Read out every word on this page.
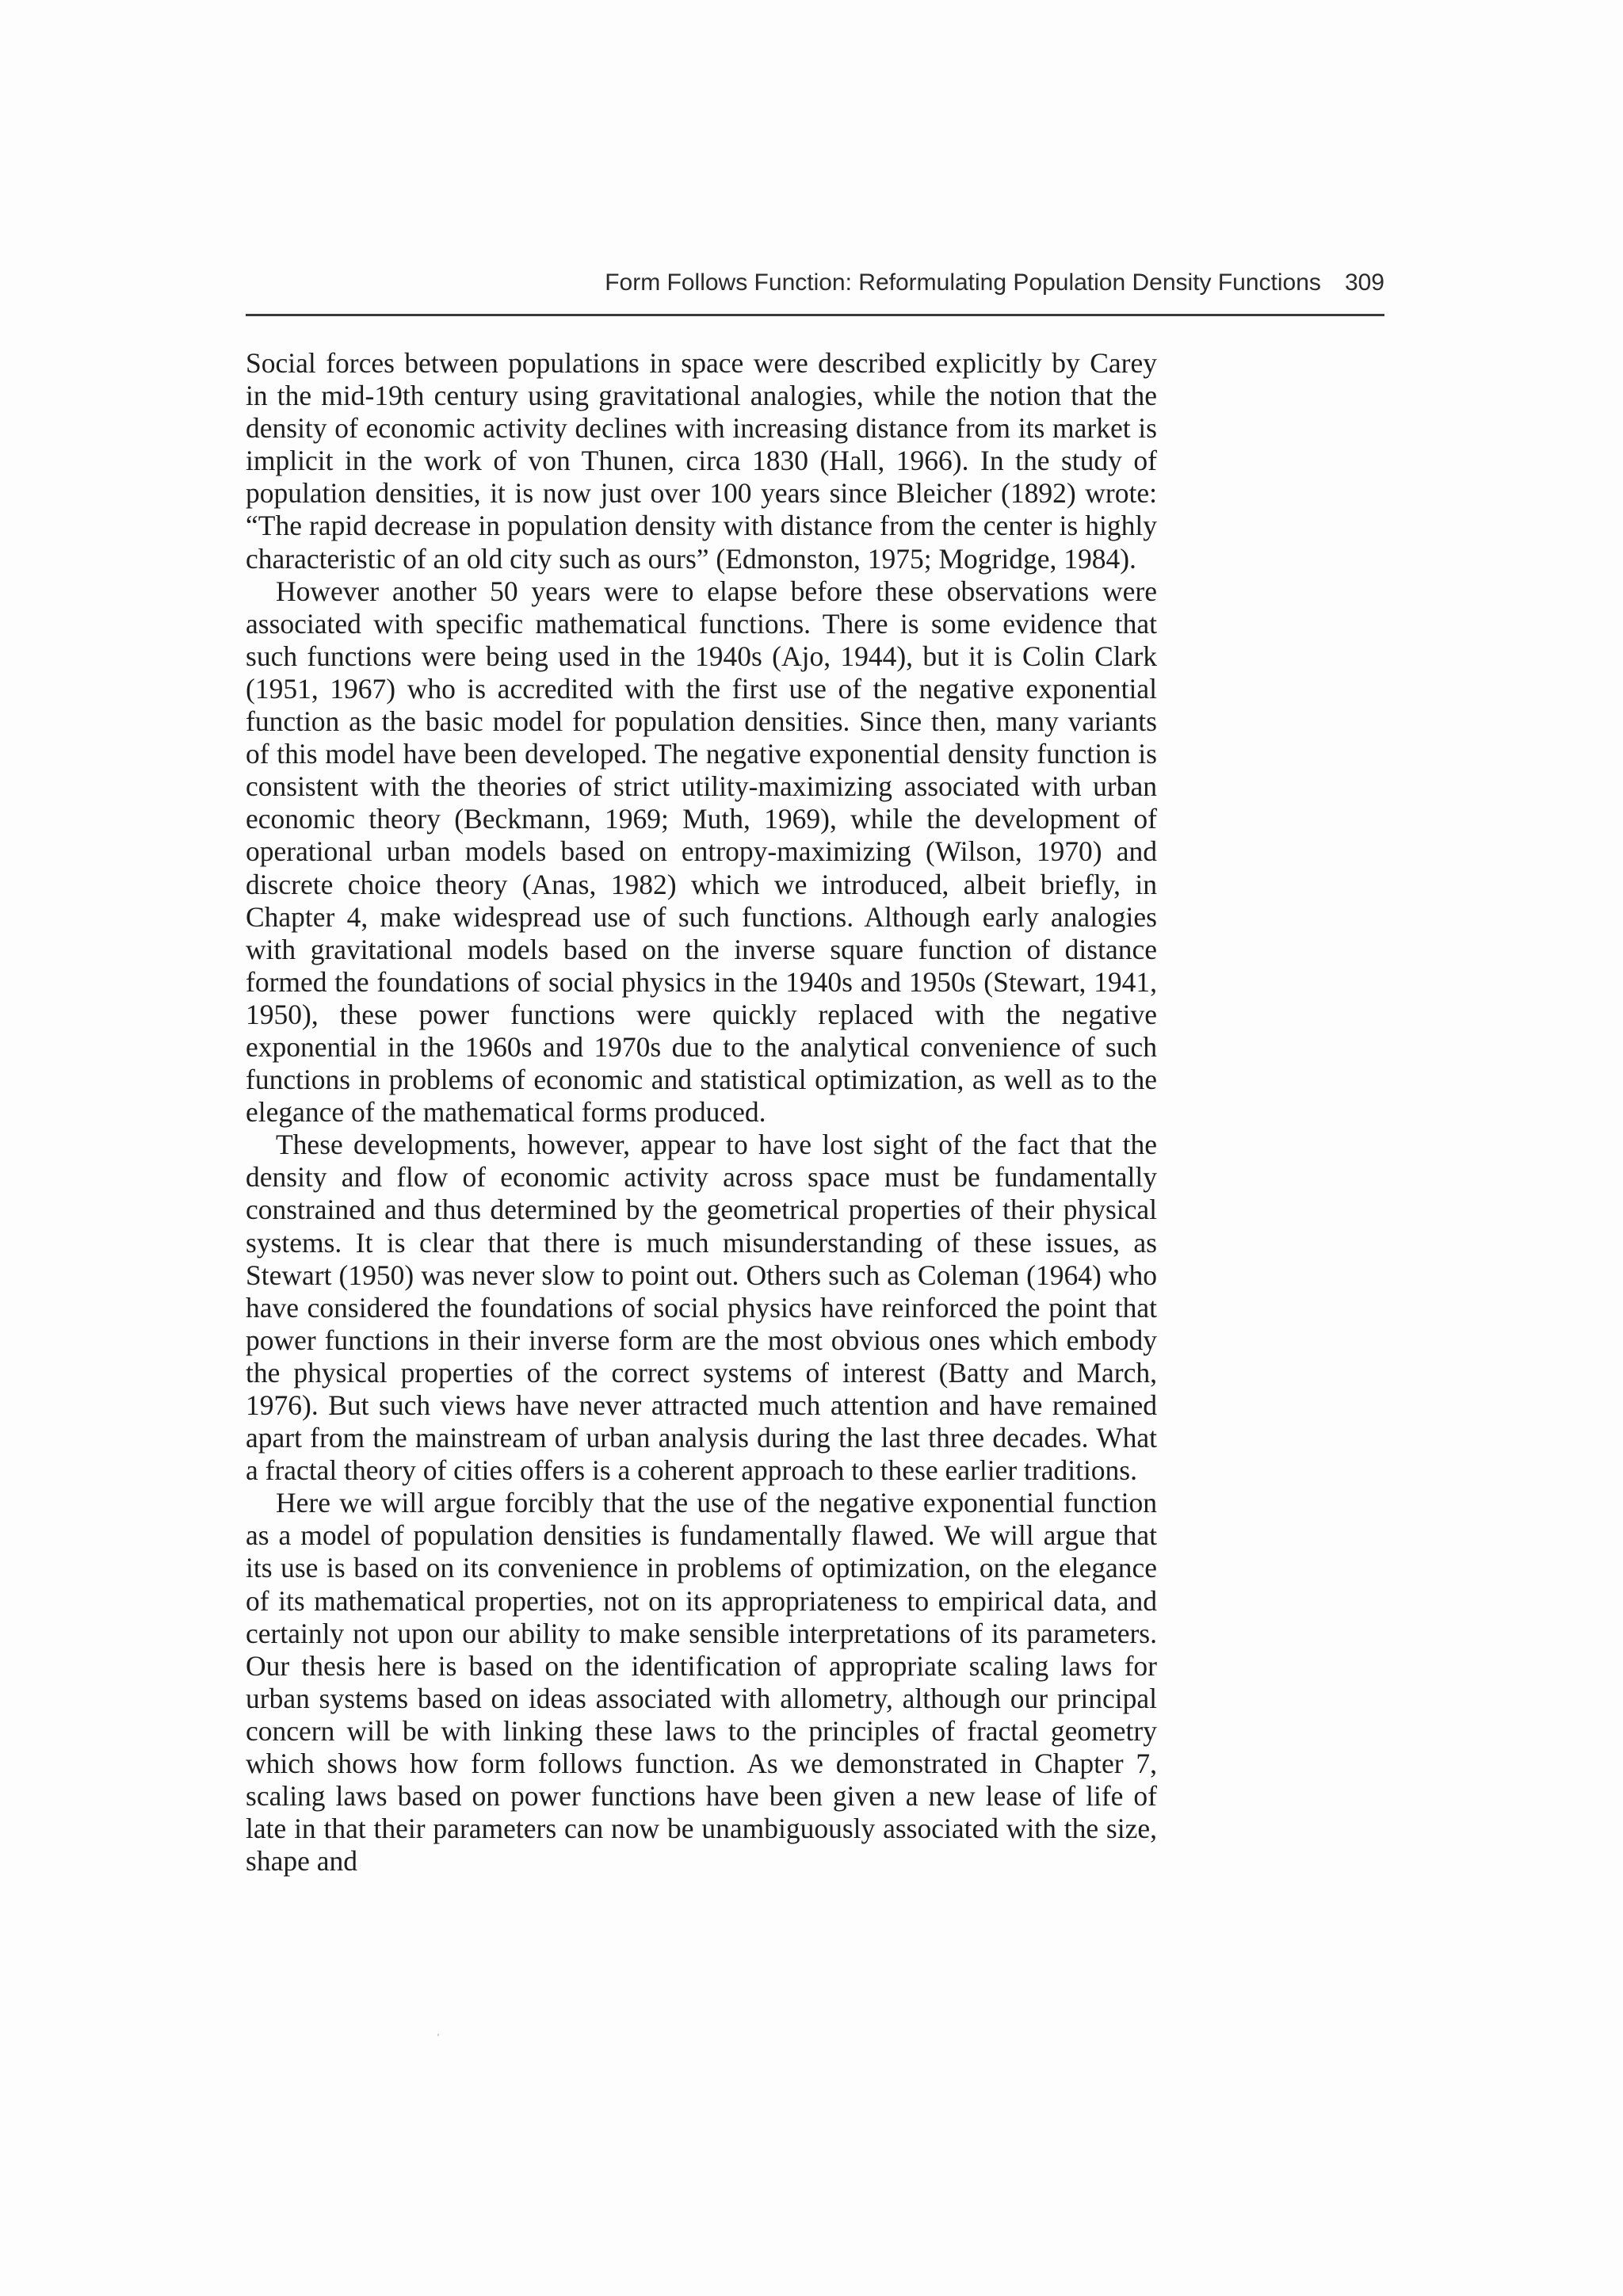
Form Follows Function: Reformulating Population Density Functions 309

Social forces between populations in space were described explicitly by Carey in the mid-19th century using gravitational analogies, while the notion that the density of economic activity declines with increasing distance from its market is implicit in the work of von Thunen, circa 1830 (Hall, 1966). In the study of population densities, it is now just over 100 years since Bleicher (1892) wrote: “The rapid decrease in population density with distance from the center is highly characteristic of an old city such as ours” (Edmonston, 1975; Mogridge, 1984).

However another 50 years were to elapse before these observations were associated with specific mathematical functions. There is some evidence that such functions were being used in the 1940s (Ajo, 1944), but it is Colin Clark (1951, 1967) who is accredited with the first use of the negative exponential function as the basic model for population densities. Since then, many variants of this model have been developed. The negative exponential density function is consistent with the theories of strict utility-maximizing associated with urban economic theory (Beckmann, 1969; Muth, 1969), while the development of operational urban models based on entropy-maximizing (Wilson, 1970) and discrete choice theory (Anas, 1982) which we introduced, albeit briefly, in Chapter 4, make widespread use of such functions. Although early analogies with gravitational models based on the inverse square function of distance formed the foundations of social physics in the 1940s and 1950s (Stewart, 1941, 1950), these power functions were quickly replaced with the negative exponential in the 1960s and 1970s due to the analytical convenience of such functions in problems of economic and statistical optimization, as well as to the elegance of the mathematical forms produced.

These developments, however, appear to have lost sight of the fact that the density and flow of economic activity across space must be fundamentally constrained and thus determined by the geometrical properties of their physical systems. It is clear that there is much misunderstanding of these issues, as Stewart (1950) was never slow to point out. Others such as Coleman (1964) who have considered the foundations of social physics have reinforced the point that power functions in their inverse form are the most obvious ones which embody the physical properties of the correct systems of interest (Batty and March, 1976). But such views have never attracted much attention and have remained apart from the mainstream of urban analysis during the last three decades. What a fractal theory of cities offers is a coherent approach to these earlier traditions.

Here we will argue forcibly that the use of the negative exponential function as a model of population densities is fundamentally flawed. We will argue that its use is based on its convenience in problems of optimization, on the elegance of its mathematical properties, not on its appropriateness to empirical data, and certainly not upon our ability to make sensible interpretations of its parameters. Our thesis here is based on the identification of appropriate scaling laws for urban systems based on ideas associated with allometry, although our principal concern will be with linking these laws to the principles of fractal geometry which shows how form follows function. As we demonstrated in Chapter 7, scaling laws based on power functions have been given a new lease of life of late in that their parameters can now be unambiguously associated with the size, shape and
